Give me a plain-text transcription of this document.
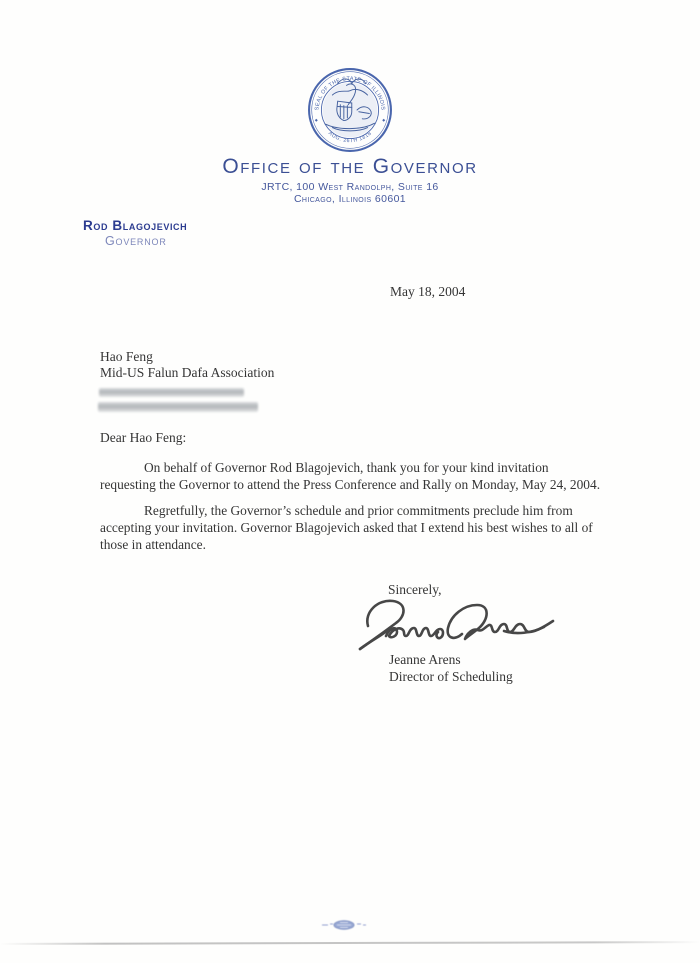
SEAL OF THE STATE OF ILLINOIS
AUG. 26TH 1818
Office of the Governor
JRTC, 100 West Randolph, Suite 16
Chicago, Illinois 60601
Rod Blagojevich
Governor
May 18, 2004
Hao Feng
Mid-US Falun Dafa Association
Dear Hao Feng:

On behalf of Governor Rod Blagojevich, thank you for your kind invitation requesting the Governor to attend the Press Conference and Rally on Monday, May 24, 2004.

Regretfully, the Governor’s schedule and prior commitments preclude him from accepting your invitation. Governor Blagojevich asked that I extend his best wishes to all of those in attendance.

Sincerely,
Jeanne Arens
Director of Scheduling
